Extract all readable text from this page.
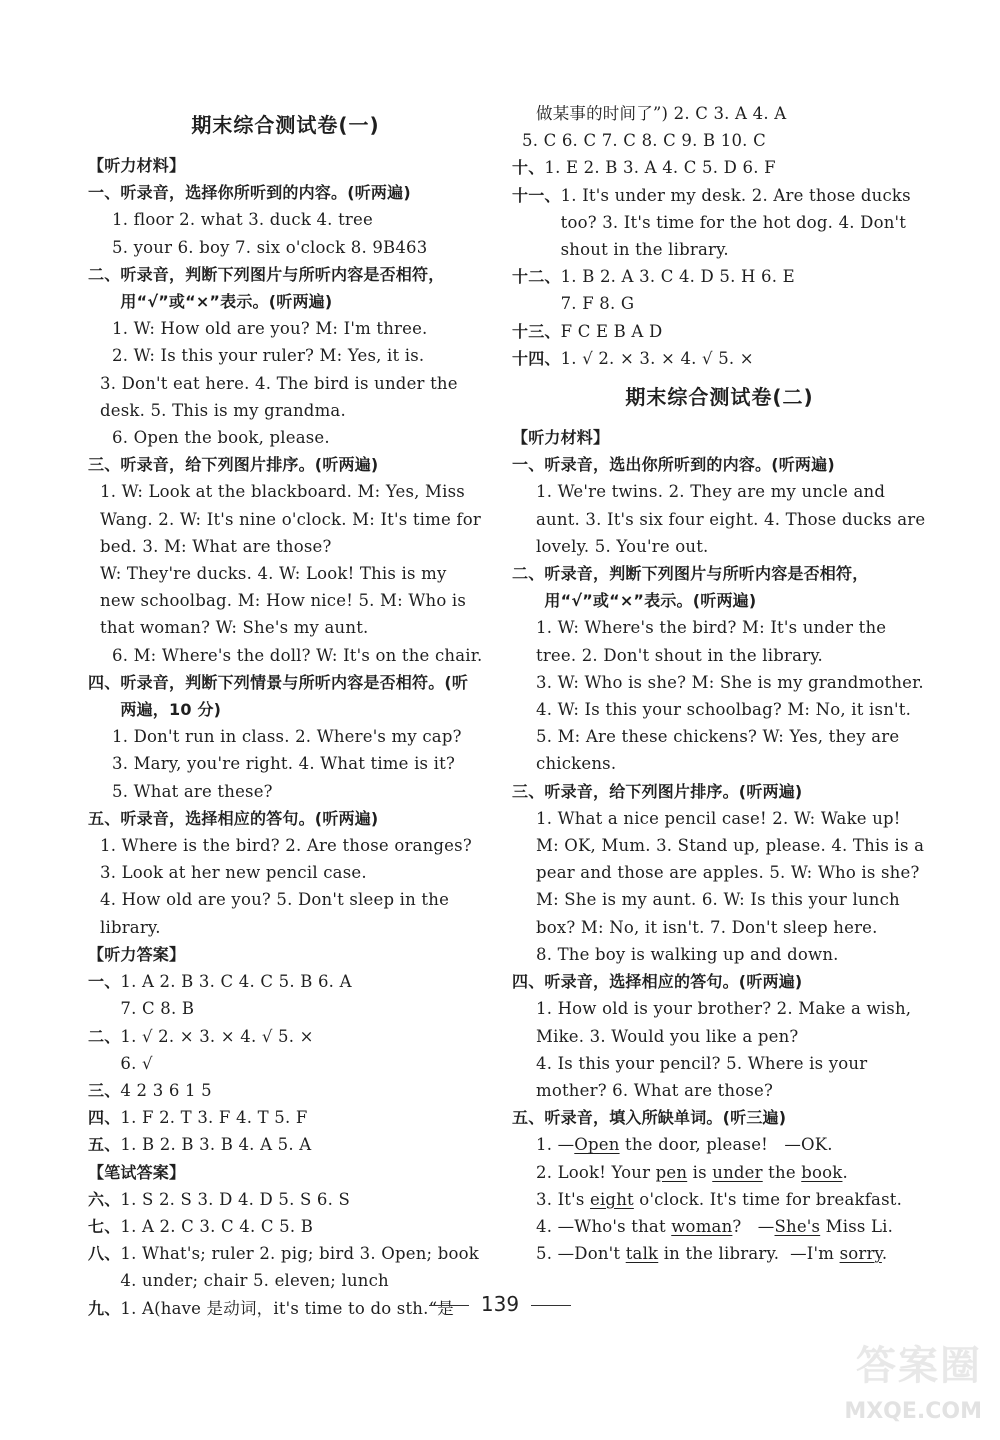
期末综合测试卷(一)
【听力材料】
一、 听录音，选择你所听到的内容。(听两遍)
1. floor 2. what 3. duck 4. tree
5. your 6. boy 7. six o'clock 8. 9B463
二、 听录音，判断下列图片与所听内容是否相符，用“√”或“×”表示。(听两遍)
1. W: How old are you? M: I'm three.
2. W: Is this your ruler? M: Yes, it is.
3. Don't eat here. 4. The bird is under the desk. 5. This is my grandma.
6. Open the book, please.
三、 听录音，给下列图片排序。(听两遍)
1. W: Look at the blackboard. M: Yes, Miss Wang. 2. W: It's nine o'clock. M: It's time for bed. 3. M: What are those?
W: They're ducks. 4. W: Look! This is my new schoolbag. M: How nice! 5. M: Who is that woman? W: She's my aunt.
6. M: Where's the doll? W: It's on the chair.
四、 听录音，判断下列情景与所听内容是否相符。(听两遍，10 分)
1. Don't run in class. 2. Where's my cap?
3. Mary, you're right. 4. What time is it?
5. What are these?
五、 听录音，选择相应的答句。(听两遍)
1. Where is the bird? 2. Are those oranges? 3. Look at her new pencil case.
4. How old are you? 5. Don't sleep in the library.
【听力答案】
一、 1. A 2. B 3. C 4. C 5. B 6. A
7. C 8. B
二、 1. √ 2. × 3. × 4. √ 5. ×
6. √
三、 4 2 3 6 1 5
四、 1. F 2. T 3. F 4. T 5. F
五、 1. B 2. B 3. B 4. A 5. A
【笔试答案】
六、 1. S 2. S 3. D 4. D 5. S 6. S
七、 1. A 2. C 3. C 4. C 5. B
八、 1. What's; ruler 2. pig; bird 3. Open; book 4. under; chair 5. eleven; lunch
九、 1. A(have 是动词，it's time to do sth.“是
做某事的时间了”) 2. C 3. A 4. A
5. C 6. C 7. C 8. C 9. B 10. C
十、 1. E 2. B 3. A 4. C 5. D 6. F
十一、 1. It's under my desk. 2. Are those ducks too? 3. It's time for the hot dog. 4. Don't shout in the library.
十二、 1. B 2. A 3. C 4. D 5. H 6. E
7. F 8. G
十三、 F C E B A D
十四、 1. √ 2. × 3. × 4. √ 5. ×
期末综合测试卷(二)
【听力材料】
一、 听录音，选出你所听到的内容。(听两遍)
1. We're twins. 2. They are my uncle and aunt. 3. It's six four eight. 4. Those ducks are lovely. 5. You're out.
二、 听录音，判断下列图片与所听内容是否相符，用“√”或“×”表示。(听两遍)
1. W: Where's the bird? M: It's under the tree. 2. Don't shout in the library.
3. W: Who is she? M: She is my grandmother. 4. W: Is this your schoolbag? M: No, it isn't. 5. M: Are these chickens? W: Yes, they are chickens.
三、 听录音，给下列图片排序。(听两遍)
1. What a nice pencil case! 2. W: Wake up! M: OK, Mum. 3. Stand up, please. 4. This is a pear and those are apples. 5. W: Who is she? M: She is my aunt. 6. W: Is this your lunch box? M: No, it isn't. 7. Don't sleep here.
8. The boy is walking up and down.
四、 听录音，选择相应的答句。(听两遍)
1. How old is your brother? 2. Make a wish, Mike. 3. Would you like a pen?
4. Is this your pencil? 5. Where is your mother? 6. What are those?
五、 听录音，填入所缺单词。(听三遍)
1. —Open the door, please!   —OK.
2. Look! Your pen is under the book.
3. It's eight o'clock. It's time for breakfast.
4. —Who's that woman?   —She's Miss Li.
5. —Don't talk in the library.  —I'm sorry.
139
答案圈
MXQE.COM
